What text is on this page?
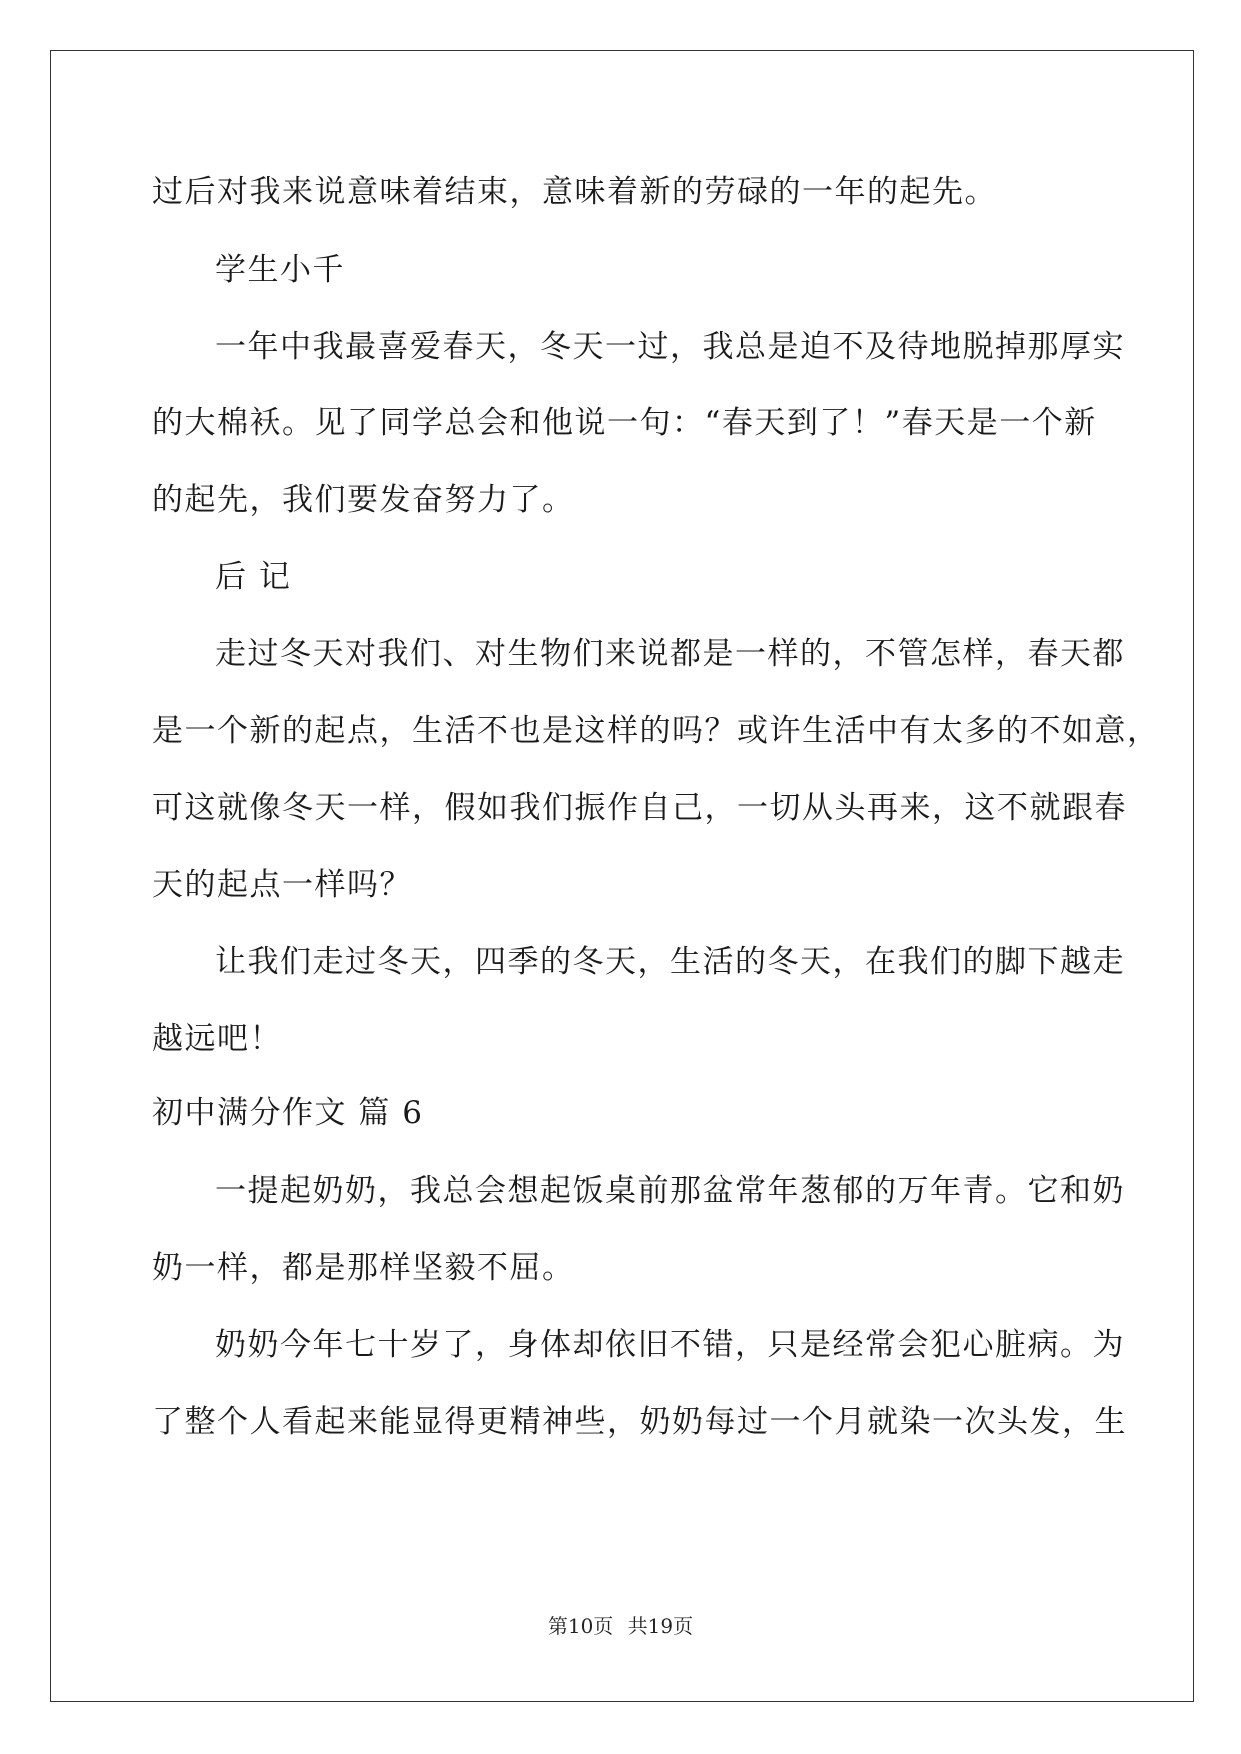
过后对我来说意味着结束，意味着新的劳碌的一年的起先。
学生小千
一年中我最喜爱春天，冬天一过，我总是迫不及待地脱掉那厚实
的大棉袄。见了同学总会和他说一句：“春天到了！”春天是一个新
的起先，我们要发奋努力了。
后 记
走过冬天对我们、对生物们来说都是一样的，不管怎样，春天都
是一个新的起点，生活不也是这样的吗？或许生活中有太多的不如意，
可这就像冬天一样，假如我们振作自己，一切从头再来，这不就跟春
天的起点一样吗？
让我们走过冬天，四季的冬天，生活的冬天，在我们的脚下越走
越远吧！
初中满分作文 篇 6
一提起奶奶，我总会想起饭桌前那盆常年葱郁的万年青。它和奶
奶一样，都是那样坚毅不屈。
奶奶今年七十岁了，身体却依旧不错，只是经常会犯心脏病。为
了整个人看起来能显得更精神些，奶奶每过一个月就染一次头发，生
第10页 共19页
